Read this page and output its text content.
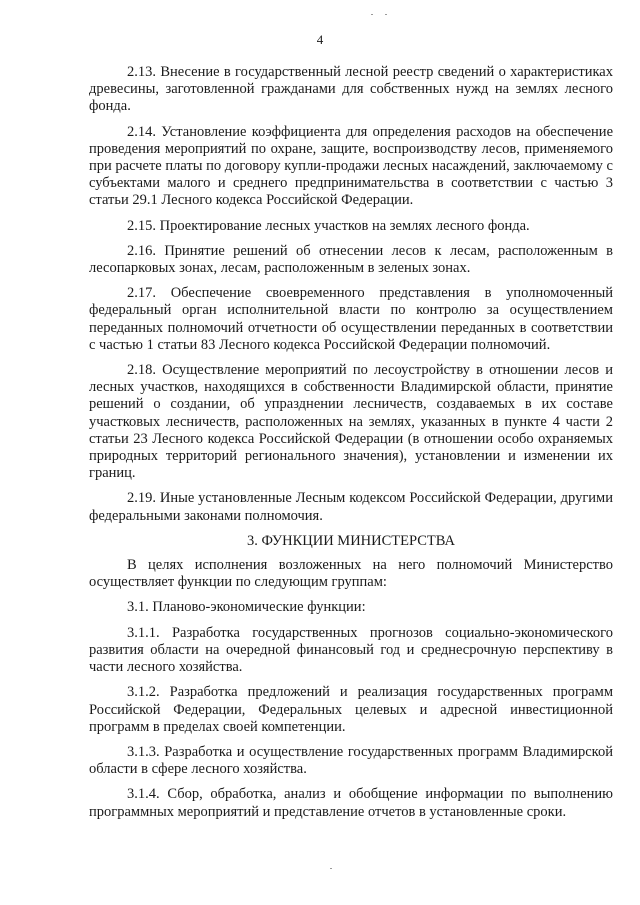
4

2.13. Внесение в государственный лесной реестр сведений о характеристиках древесины, заготовленной гражданами для собственных нужд на землях лесного фонда.

2.14. Установление коэффициента для определения расходов на обеспечение проведения мероприятий по охране, защите, воспроизводству лесов, применяемого при расчете платы по договору купли-продажи лесных насаждений, заключаемому с субъектами малого и среднего предпринимательства в соответствии с частью 3 статьи 29.1 Лесного кодекса Российской Федерации.

2.15. Проектирование лесных участков на землях лесного фонда.

2.16. Принятие решений об отнесении лесов к лесам, расположенным в лесопарковых зонах, лесам, расположенным в зеленых зонах.

2.17. Обеспечение своевременного представления в уполномоченный федеральный орган исполнительной власти по контролю за осуществлением переданных полномочий отчетности об осуществлении переданных в соответствии с частью 1 статьи 83 Лесного кодекса Российской Федерации полномочий.

2.18. Осуществление мероприятий по лесоустройству в отношении лесов и лесных участков, находящихся в собственности Владимирской области, принятие решений о создании, об упразднении лесничеств, создаваемых в их составе участковых лесничеств, расположенных на землях, указанных в пункте 4 части 2 статьи 23 Лесного кодекса Российской Федерации (в отношении особо охраняемых природных территорий регионального значения), установлении и изменении их границ.

2.19. Иные установленные Лесным кодексом Российской Федерации, другими федеральными законами полномочия.

3. ФУНКЦИИ МИНИСТЕРСТВА

В целях исполнения возложенных на него полномочий Министерство осуществляет функции по следующим группам:

3.1. Планово-экономические функции:

3.1.1. Разработка государственных прогнозов социально-экономического развития области на очередной финансовый год и среднесрочную перспективу в части лесного хозяйства.

3.1.2. Разработка предложений и реализация государственных программ Российской Федерации, Федеральных целевых и адресной инвестиционной программ в пределах своей компетенции.

3.1.3. Разработка и осуществление государственных программ Владимирской области в сфере лесного хозяйства.

3.1.4. Сбор, обработка, анализ и обобщение информации по выполнению программных мероприятий и представление отчетов в установленные сроки.
